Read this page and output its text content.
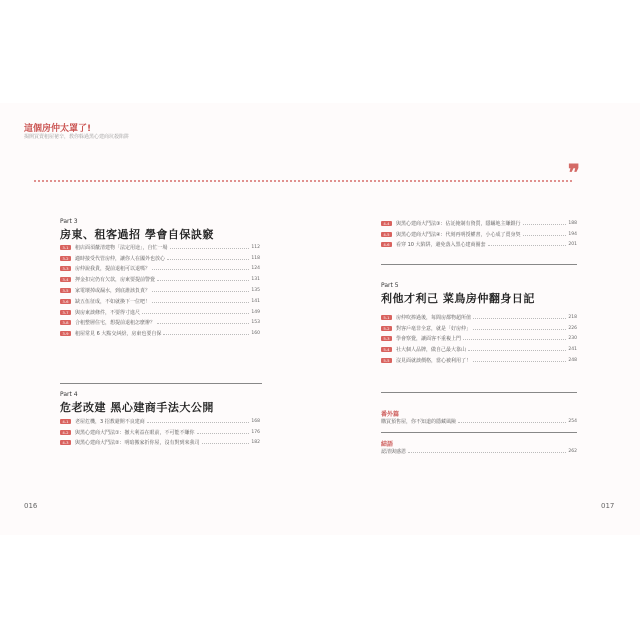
這個房仲太罩了!
揭開買賣租屋祕辛，教你躲過黑心建商坑殺陷阱
❞
Part 3
房東、租客過招 學會自保訣竅
3-1	租店面須釐清建物「法定用途」，自忙一場	112
3-2	適時接受代管房仲，讓你人在國外也放心	118
3-3	房仲說我貴，提前退租可以退嗎？	124
3-4	押金扣完仍有欠款，房東要提前警覺	131
3-5	家電壞掉或漏水，到底誰該負責？	135
3-6	缺五伍征成，不如就換下一位吧！	141
3-7	與房東談條件，不要得寸進尺	149
3-8	合租整層住宅，想提前退租怎麼辦？	153
3-9	租屋常見 6 大點交糾紛，房東也要自保	160
Part 4
危老改建 黑心建商手法大公開
4-1	老屋危機，3 招教避開不良建商	168
4-2	與黑心建商大鬥法①：撤大利益在眼前，不可能不賺你	176
4-3	與黑心建商大鬥法②：明暗搬家折你屋，沒有對到來我司	182
4-4	與黑心建商大鬥法③：佔託掩制有資質，隱瞞地主賺銀行	188
4-5	與黑心建商大鬥法④：代刻再明授權書，小心成了賣身契	194
4-6	看穿 10 大陷阱，避免落入黑心建商圈套	201
Part 5
利他才利己 菜鳥房仲翻身日記
5-1	房仲吹捧過後，每間房都物超所值	218
5-2	對客戶毫非全意，就是「好房仲」	226
5-3	學會察覺，讓面客不重複上門	230
5-4	社大個人品牌，做自己最大靠山	241
5-5	沒見面就談價格，當心被利用了！	248
番外篇
購買預售屋，你不知道的隱藏風險	254
結語
認清與感恩	262
016	017
